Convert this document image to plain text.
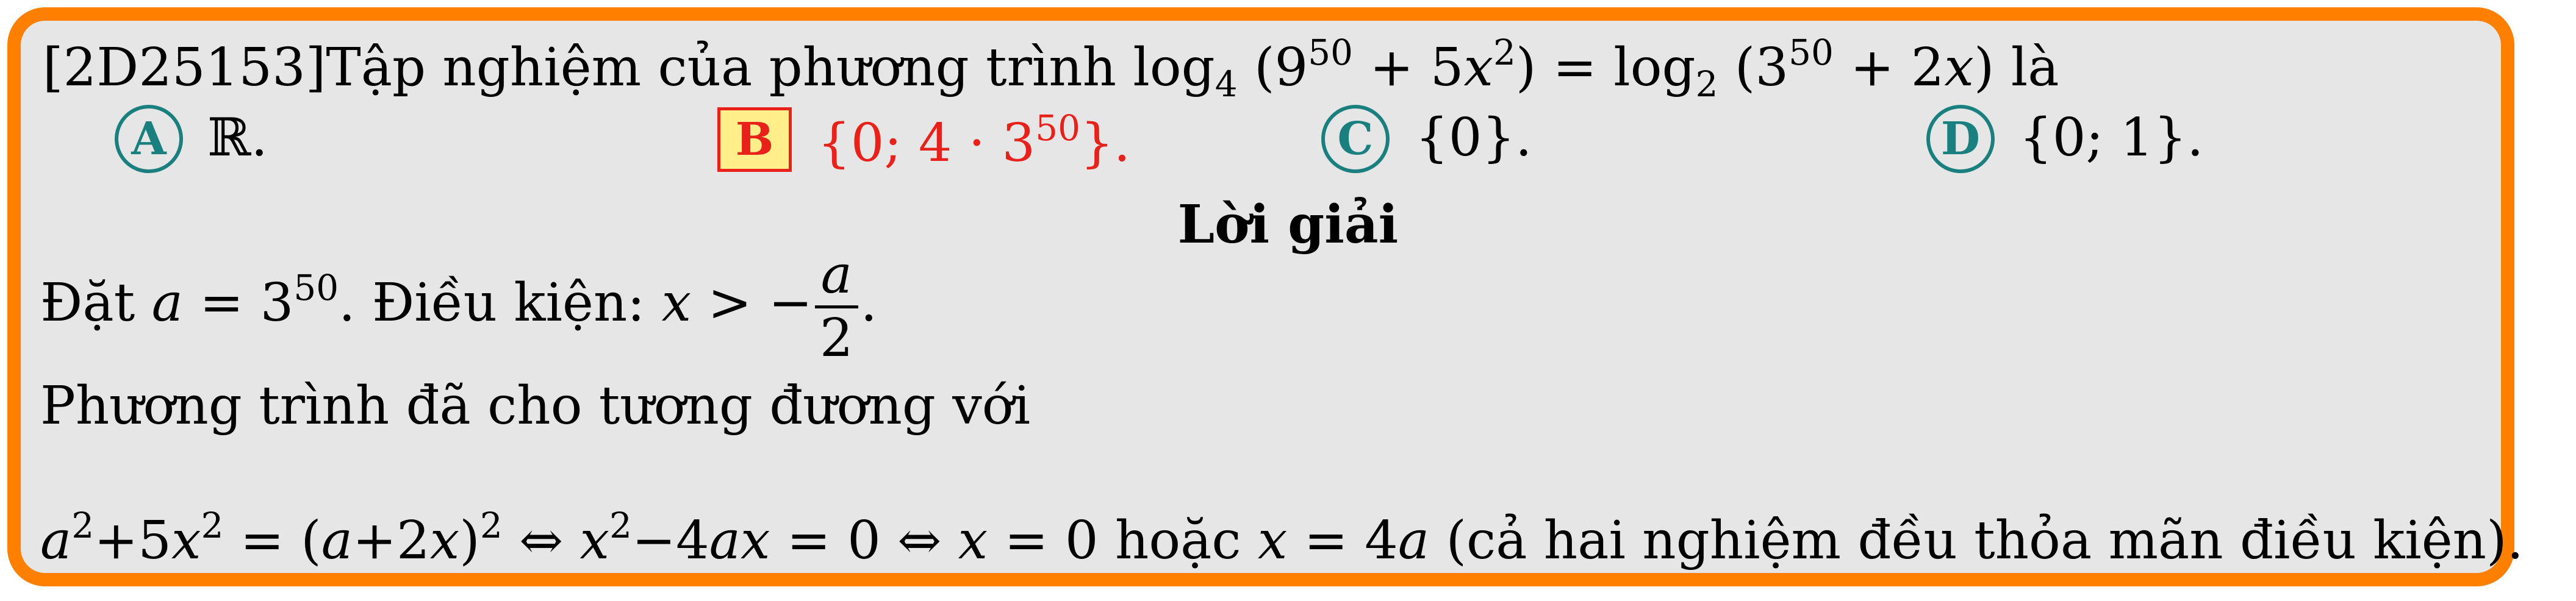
[2D25153]Tập nghiệm của phương trình $\log_4 (9^{50} + 5x^2) = \log_2 (3^{50} + 2x)$ là
A ℝ.	B {0; $4 \cdot 3^{50}$}.	C {0}.	D {0; 1}.
Lời giải
Đặt $a = 3^{50}$. Điều kiện: x > − $\frac{a}{2}$ .
Phương trình đã cho tương đương với
$a^2+5x^2 = (a+2x)^2$ ⇔ $x^2-4ax = 0$ ⇔ x = 0 hoặc x = 4a (cả hai nghiệm đều thỏa mãn điều kiện).
